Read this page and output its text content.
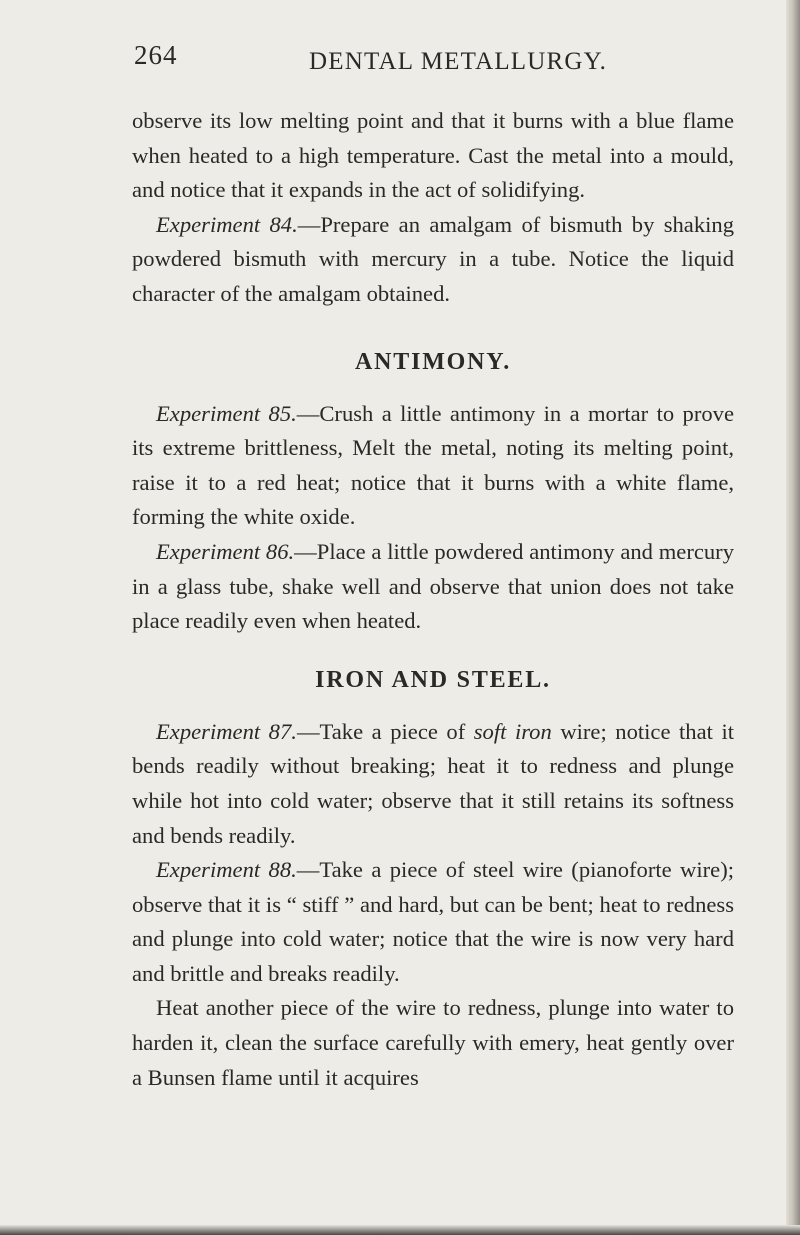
264	DENTAL METALLURGY.

observe its low melting point and that it burns with a blue flame when heated to a high temperature. Cast the metal into a mould, and notice that it expands in the act of solidifying.

Experiment 84.—Prepare an amalgam of bismuth by shaking powdered bismuth with mercury in a tube. Notice the liquid character of the amalgam obtained.

ANTIMONY.

Experiment 85.—Crush a little antimony in a mortar to prove its extreme brittleness, Melt the metal, noting its melting point, raise it to a red heat; notice that it burns with a white flame, forming the white oxide.

Experiment 86.—Place a little powdered antimony and mercury in a glass tube, shake well and observe that union does not take place readily even when heated.

IRON AND STEEL.

Experiment 87.—Take a piece of soft iron wire; notice that it bends readily without breaking; heat it to redness and plunge while hot into cold water; observe that it still retains its softness and bends readily.

Experiment 88.—Take a piece of steel wire (pianoforte wire); observe that it is “ stiff ” and hard, but can be bent; heat to redness and plunge into cold water; notice that the wire is now very hard and brittle and breaks readily.

Heat another piece of the wire to redness, plunge into water to harden it, clean the surface carefully with emery, heat gently over a Bunsen flame until it acquires
